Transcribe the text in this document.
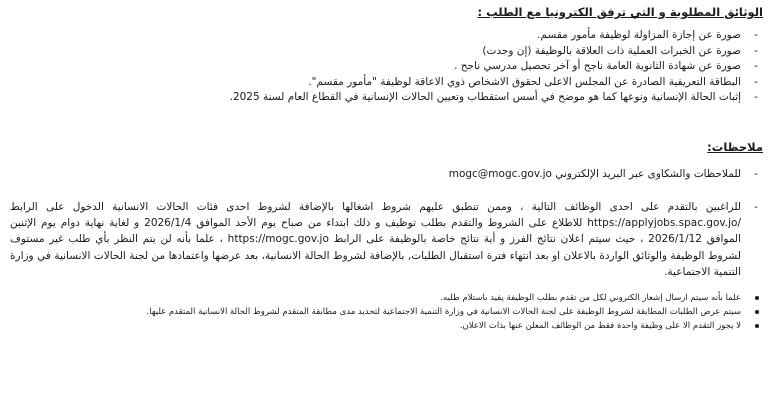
الوثائق المطلوبة و التي ترفق الكترونيا مع الطلب :

-
صورة عن إجازة المزاولة لوظيفة مأمور مقسم.
-
صورة عن الخبرات العملية ذات العلاقة بالوظيفة (إن وجدت)
-
صورة عن شهادة الثانوية العامة ناجح أو آخر تحصيل مدرسي ناجح .
-
البطاقة التعريفية الصادرة عن المجلس الاعلى لحقوق الاشخاص ذوي الاعاقة لوظيفة "مأمور مقسم".
-
إثبات الحالة الإنسانية ونوعها كما هو موضح في أسس استقطاب وتعيين الحالات الإنسانية في القطاع العام لسنة 2025.

ملاحظات:

-
للملاحظات والشكاوى عبر البريد الإلكتروني mogc@mogc.gov.jo
-
للراغبين بالتقدم على احدى الوظائف التالية ، وممن تنطبق عليهم شروط اشغالها بالإضافة لشروط احدى فئات الحالات الانسانية الدخول على الرابط https://applyjobs.spac.gov.jo/ للاطلاع على الشروط والتقدم بطلب توظيف و ذلك ابتداء من صباح يوم الأحد الموافق 2026/1/4 و لغاية نهاية دوام يوم الإثنين الموافق 2026/1/12 ، حيث سيتم اعلان نتائج الفرز و أية نتائج خاصة بالوظيفة على الرابط https://mogc.gov.jo ، علما بأنه لن يتم النظر بأي طلب غير مستوف لشروط الوظيفة والوثائق الواردة بالاعلان او بعد انتهاء فترة استقبال الطلبات, بالإضافة لشروط الحالة الانسانية، بعد عرضها واعتمادها من لجنة الحالات الانسانية في وزارة التنمية الاجتماعية.
علما بأنه سيتم ارسال إشعار الكتروني لكل من تقدم بطلب الوظيفة يفيد باستلام طلبه.
سيتم عرض الطلبات المطابقة لشروط الوظيفة على لجنة الحالات الانسانية في وزارة التنمية الاجتماعية لتحديد مدى مطابقة المتقدم لشروط الحالة الانسانية المتقدم عليها.
لا يجوز التقدم الا على وظيفة واحدة فقط من الوظائف المعلن عنها بذات الاعلان.
